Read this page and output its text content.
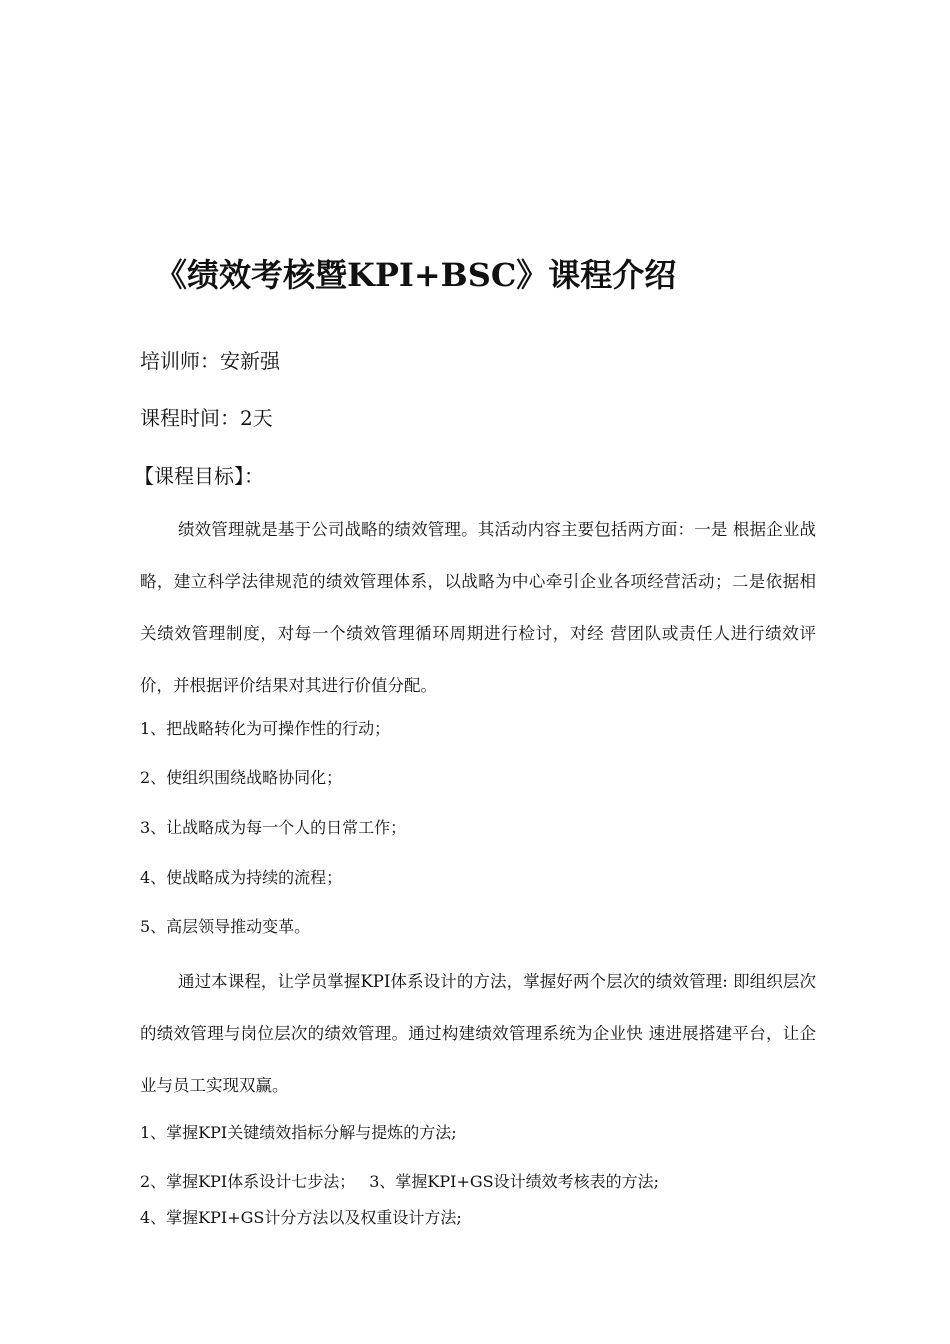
《绩效考核暨KPI+BSC》课程介绍
培训师：安新强
课程时间：2天
【课程目标】：

绩效管理就是基于公司战略的绩效管理。其活动内容主要包括两方面：一是 根据企业战略，建立科学法律规范的绩效管理体系，以战略为中心牵引企业各项经营活动；二是依据相关绩效管理制度，对每一个绩效管理循环周期进行检讨，对经 营团队或责任人进行绩效评价，并根据评价结果对其进行价值分配。

1、把战略转化为可操作性的行动；
2、使组织围绕战略协同化；
3、让战略成为每一个人的日常工作；
4、使战略成为持续的流程；
5、高层领导推动变革。

通过本课程，让学员掌握KPI体系设计的方法，掌握好两个层次的绩效管理: 即组织层次的绩效管理与岗位层次的绩效管理。通过构建绩效管理系统为企业快 速进展搭建平台，让企业与员工实现双赢。

1、掌握KPI关键绩效指标分解与提炼的方法;
2、掌握KPI体系设计七步法； 3、掌握KPI+GS设计绩效考核表的方法;
4、掌握KPI+GS计分方法以及权重设计方法;
